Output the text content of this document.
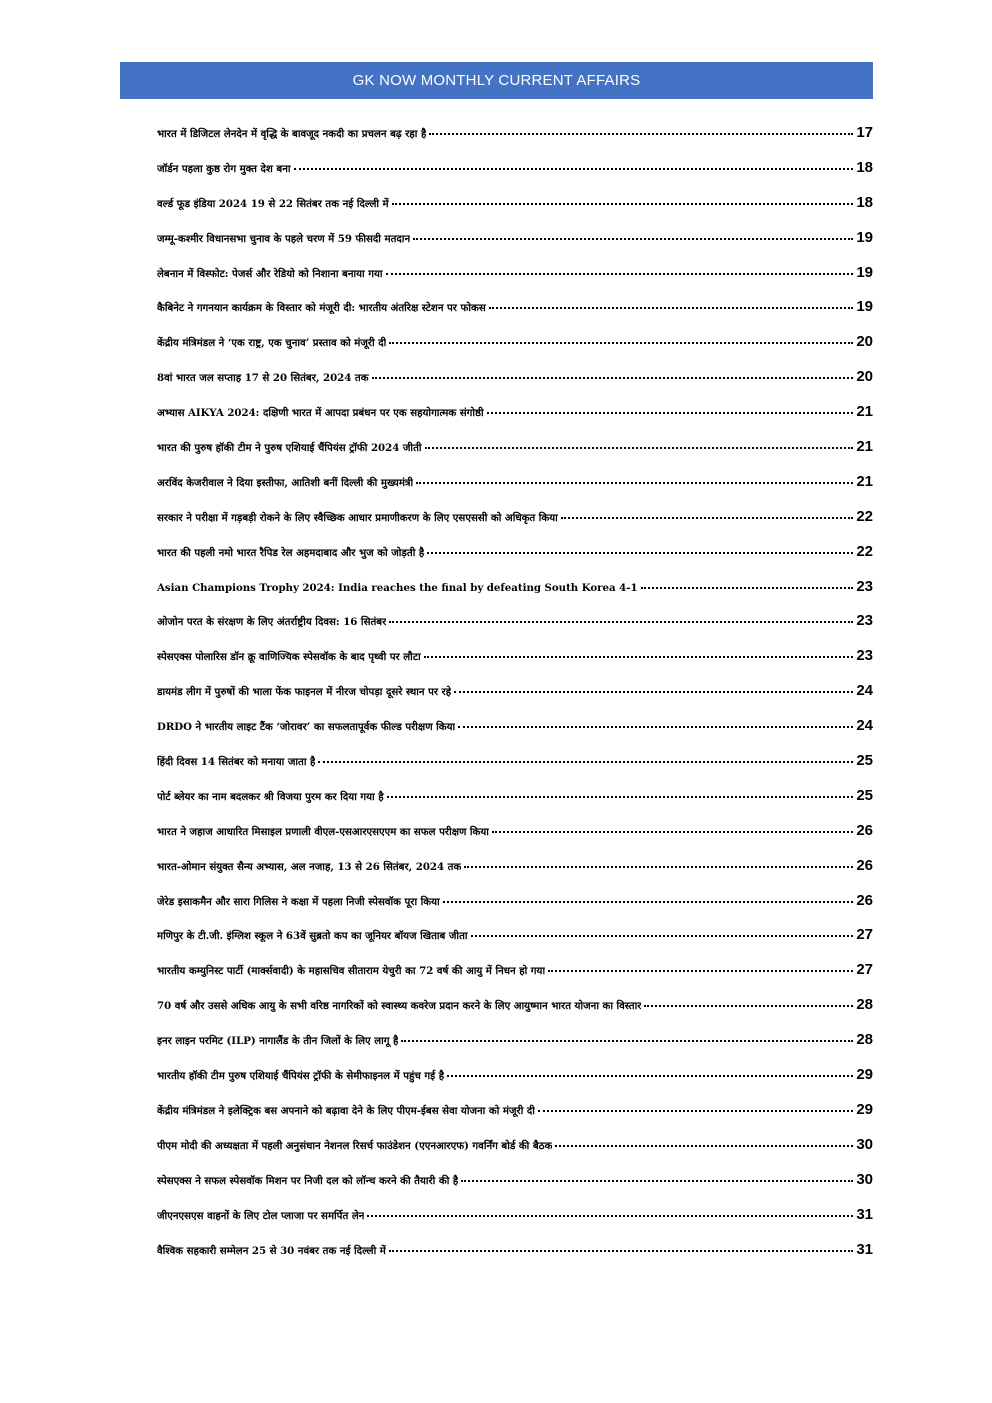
GK NOW MONTHLY CURRENT AFFAIRS
भारत में डिजिटल लेनदेन में वृद्धि के बावजूद नकदी का प्रचलन बढ़ रहा है	17
जॉर्डन पहला कुष्ठ रोग मुक्त देश बना	18
वर्ल्ड फूड इंडिया 2024 19 से 22 सितंबर तक नई दिल्ली में	18
जम्मू-कश्मीर विधानसभा चुनाव के पहले चरण में 59 फीसदी मतदान	19
लेबनान में विस्फोट: पेजर्स और रेडियो को निशाना बनाया गया	19
कैबिनेट ने गगनयान कार्यक्रम के विस्तार को मंजूरी दी: भारतीय अंतरिक्ष स्टेशन पर फोकस	19
केंद्रीय मंत्रिमंडल ने ‘एक राष्ट्र, एक चुनाव’ प्रस्ताव को मंजूरी दी	20
8वां भारत जल सप्ताह 17 से 20 सितंबर, 2024 तक	20
अभ्यास AIKYA 2024: दक्षिणी भारत में आपदा प्रबंधन पर एक सहयोगात्मक संगोष्ठी	21
भारत की पुरुष हॉकी टीम ने पुरुष एशियाई चैंपियंस ट्रॉफी 2024 जीती	21
अरविंद केजरीवाल ने दिया इस्तीफा, आतिशी बनीं दिल्ली की मुख्यमंत्री	21
सरकार ने परीक्षा में गड़बड़ी रोकने के लिए स्वैच्छिक आधार प्रमाणीकरण के लिए एसएससी को अधिकृत किया	22
भारत की पहली नमो भारत रैपिड रेल अहमदाबाद और भुज को जोड़ती है	22
Asian Champions Trophy 2024: India reaches the final by defeating South Korea 4-1	23
ओजोन परत के संरक्षण के लिए अंतर्राष्ट्रीय दिवस: 16 सितंबर	23
स्पेसएक्स पोलारिस डॉन क्रू वाणिज्यिक स्पेसवॉक के बाद पृथ्वी पर लौटा	23
डायमंड लीग में पुरुषों की भाला फेंक फाइनल में नीरज चोपड़ा दूसरे स्थान पर रहे	24
DRDO ने भारतीय लाइट टैंक ‘जोरावर’ का सफलतापूर्वक फील्ड परीक्षण किया	24
हिंदी दिवस 14 सितंबर को मनाया जाता है	25
पोर्ट ब्लेयर का नाम बदलकर श्री विजया पुरम कर दिया गया है	25
भारत ने जहाज आधारित मिसाइल प्रणाली वीएल-एसआरएसएएम का सफल परीक्षण किया	26
भारत-ओमान संयुक्त सैन्य अभ्यास, अल नजाह, 13 से 26 सितंबर, 2024 तक	26
जेरेड इसाकमैन और सारा गिलिस ने कक्षा में पहला निजी स्पेसवॉक पूरा किया	26
मणिपुर के टी.जी. इंग्लिश स्कूल ने 63वें सुब्रतो कप का जूनियर बॉयज खिताब जीता	27
भारतीय कम्युनिस्ट पार्टी (मार्क्सवादी) के महासचिव सीताराम येचुरी का 72 वर्ष की आयु में निधन हो गया	27
70 वर्ष और उससे अधिक आयु के सभी वरिष्ठ नागरिकों को स्वास्थ्य कवरेज प्रदान करने के लिए आयुष्मान भारत योजना का विस्तार	28
इनर लाइन परमिट (ILP) नागालैंड के तीन जिलों के लिए लागू है	28
भारतीय हॉकी टीम पुरुष एशियाई चैंपियंस ट्रॉफी के सेमीफाइनल में पहुंच गई है	29
केंद्रीय मंत्रिमंडल ने इलेक्ट्रिक बस अपनाने को बढ़ावा देने के लिए पीएम-ईबस सेवा योजना को मंजूरी दी	29
पीएम मोदी की अध्यक्षता में पहली अनुसंधान नेशनल रिसर्च फाउंडेशन (एएनआरएफ) गवर्निंग बोर्ड की बैठक	30
स्पेसएक्स ने सफल स्पेसवॉक मिशन पर निजी दल को लॉन्च करने की तैयारी की है	30
जीएनएसएस वाहनों के लिए टोल प्लाजा पर समर्पित लेन	31
वैश्विक सहकारी सम्मेलन 25 से 30 नवंबर तक नई दिल्ली में	31
